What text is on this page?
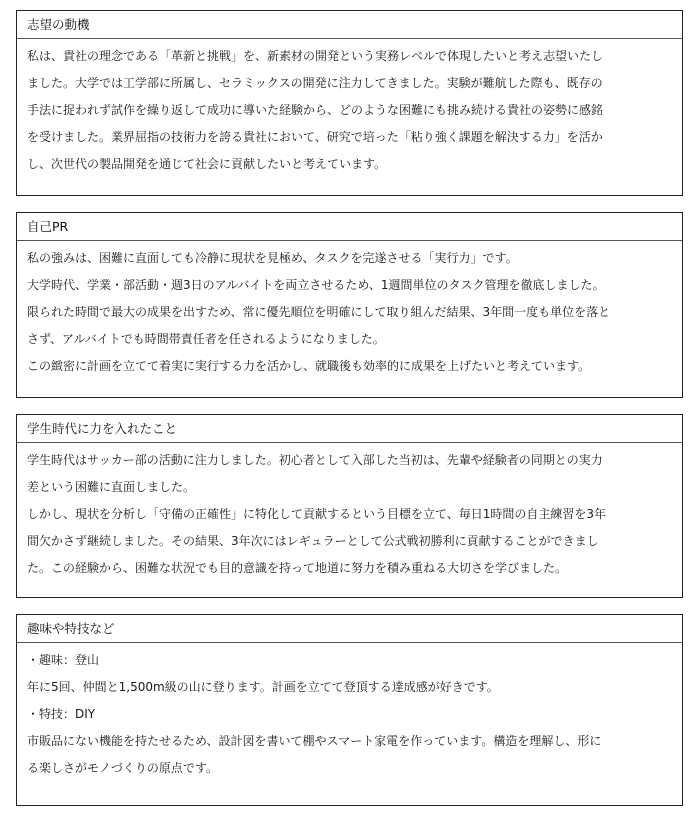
志望の動機

私は、貴社の理念である「革新と挑戦」を、新素材の開発という実務レベルで体現したいと考え志望いたし

ました。大学では工学部に所属し、セラミックスの開発に注力してきました。実験が難航した際も、既存の

手法に捉われず試作を繰り返して成功に導いた経験から、どのような困難にも挑み続ける貴社の姿勢に感銘

を受けました。業界屈指の技術力を誇る貴社において、研究で培った「粘り強く課題を解決する力」を活か

し、次世代の製品開発を通じて社会に貢献したいと考えています。

自己PR

私の強みは、困難に直面しても冷静に現状を見極め、タスクを完遂させる「実行力」です。

大学時代、学業・部活動・週3日のアルバイトを両立させるため、1週間単位のタスク管理を徹底しました。

限られた時間で最大の成果を出すため、常に優先順位を明確にして取り組んだ結果、3年間一度も単位を落と

さず、アルバイトでも時間帯責任者を任されるようになりました。

この緻密に計画を立てて着実に実行する力を活かし、就職後も効率的に成果を上げたいと考えています。

学生時代に力を入れたこと

学生時代はサッカー部の活動に注力しました。初心者として入部した当初は、先輩や経験者の同期との実力

差という困難に直面しました。

しかし、現状を分析し「守備の正確性」に特化して貢献するという目標を立て、毎日1時間の自主練習を3年

間欠かさず継続しました。その結果、3年次にはレギュラーとして公式戦初勝利に貢献することができまし

た。この経験から、困難な状況でも目的意識を持って地道に努力を積み重ねる大切さを学びました。

趣味や特技など

・趣味：登山

年に5回、仲間と1,500m級の山に登ります。計画を立てて登頂する達成感が好きです。

・特技：DIY

市販品にない機能を持たせるため、設計図を書いて棚やスマート家電を作っています。構造を理解し、形に

る楽しさがモノづくりの原点です。
